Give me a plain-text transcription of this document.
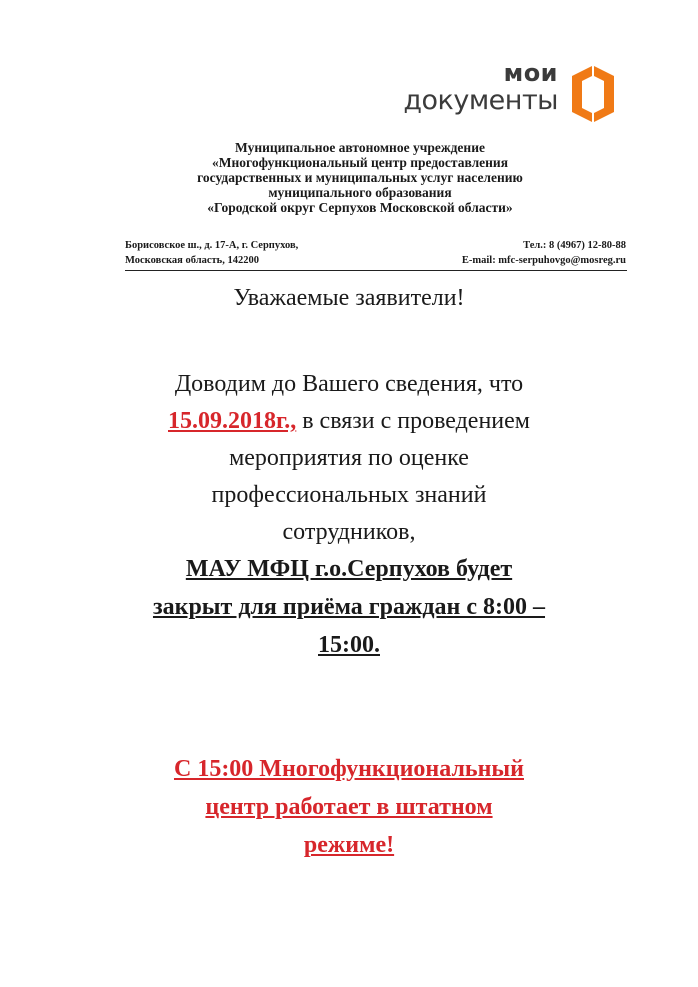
мои
документы
Муниципальное автономное учреждение
«Многофункциональный центр предоставления
государственных и муниципальных услуг населению
муниципального образования
«Городской округ Серпухов Московской области»
Борисовское ш., д. 17-А, г. Серпухов,
Московская область, 142200
Тел.: 8 (4967) 12-80-88
E-mail: mfc-serpuhovgo@mosreg.ru
Уважаемые заявители!
Доводим до Вашего сведения, что
15.09.2018г., в связи с проведением
мероприятия по оценке
профессиональных знаний
сотрудников,
МАУ МФЦ г.о.Серпухов будет
закрыт для приёма граждан с 8:00 –
15:00.
С 15:00 Многофункциональный
центр работает в штатном
режиме!
